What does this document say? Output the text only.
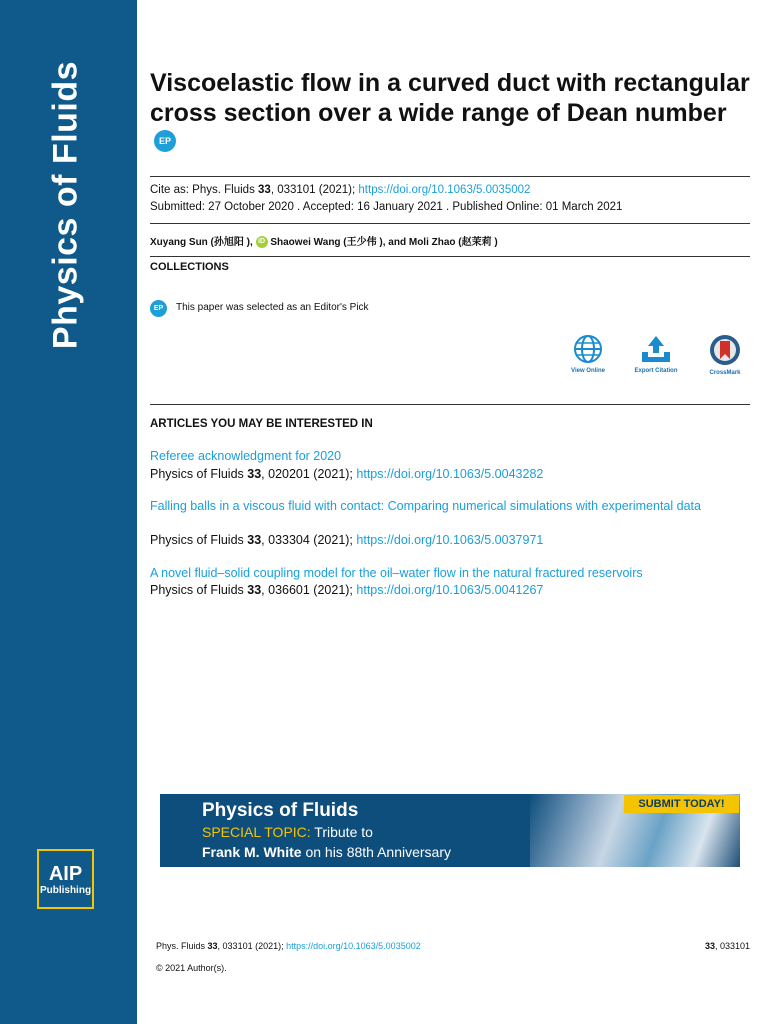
Physics of Fluids
AIP
Publishing
Viscoelastic flow in a curved duct with rectangular cross section over a wide range of Dean number EP
Cite as: Phys. Fluids 33, 033101 (2021); https://doi.org/10.1063/5.0035002
Submitted: 27 October 2020 . Accepted: 16 January 2021 . Published Online: 01 March 2021
Xuyang Sun (孙旭阳 ), iD Shaowei Wang (王少伟 ), and Moli Zhao (赵茉莉 )
COLLECTIONS
EP	This paper was selected as an Editor's Pick
View Online	Export Citation	CrossMark
ARTICLES YOU MAY BE INTERESTED IN
Referee acknowledgment for 2020
Physics of Fluids 33, 020201 (2021); https://doi.org/10.1063/5.0043282
Falling balls in a viscous fluid with contact: Comparing numerical simulations with experimental data
Physics of Fluids 33, 033304 (2021); https://doi.org/10.1063/5.0037971
A novel fluid–solid coupling model for the oil–water flow in the natural fractured reservoirs
Physics of Fluids 33, 036601 (2021); https://doi.org/10.1063/5.0041267
Physics of Fluids
SPECIAL TOPIC: Tribute to
Frank M. White on his 88th Anniversary
SUBMIT TODAY!
Phys. Fluids 33, 033101 (2021); https://doi.org/10.1063/5.0035002	33, 033101
© 2021 Author(s).
